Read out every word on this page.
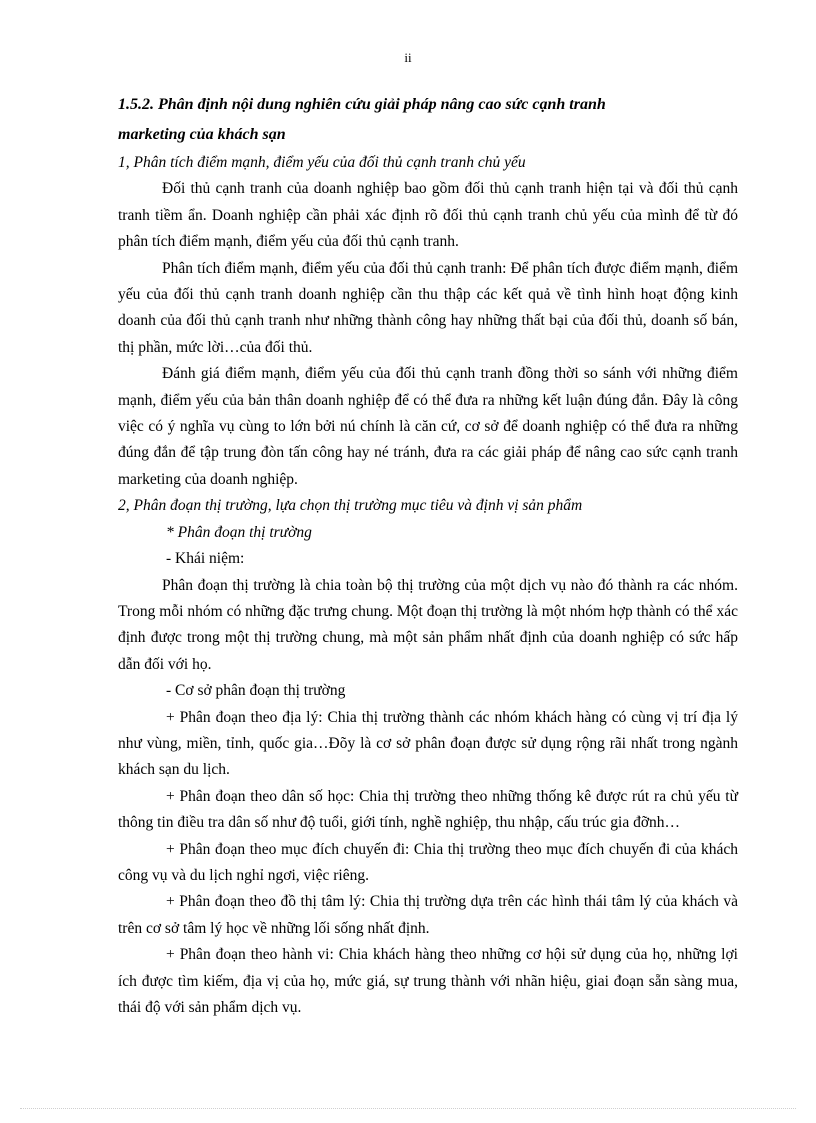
ii

1.5.2. Phân định nội dung nghiên cứu giải pháp nâng cao sức cạnh tranh

marketing của khách sạn

1, Phân tích điểm mạnh, điểm yếu của đối thủ cạnh tranh chủ yếu

Đối thủ cạnh tranh của doanh nghiệp bao gồm đối thủ cạnh tranh hiện tại và đối thủ cạnh tranh tiềm ẩn. Doanh nghiệp cần phải xác định rõ đối thủ cạnh tranh chủ yếu của mình để từ đó phân tích điểm mạnh, điểm yếu của đối thủ cạnh tranh.

Phân tích điểm mạnh, điểm yếu của đối thủ cạnh tranh: Để phân tích được điểm mạnh, điểm yếu của đối thủ cạnh tranh doanh nghiệp cần thu thập các kết quả về tình hình hoạt động kinh doanh của đối thủ cạnh tranh như những thành công hay những thất bại của đối thủ, doanh số bán, thị phần, mức lời…của đối thủ.

Đánh giá điểm mạnh, điểm yếu của đối thủ cạnh tranh đồng thời so sánh với những điểm mạnh, điểm yếu của bản thân doanh nghiệp để có thể đưa ra những kết luận đúng đắn. Đây là công việc có ý nghĩa vụ cùng to lớn bởi nú chính là căn cứ, cơ sở để doanh nghiệp có thể đưa ra những đúng đắn để tập trung đòn tấn công hay né tránh, đưa ra các giải pháp để nâng cao sức cạnh tranh marketing của doanh nghiệp.

2, Phân đoạn thị trường, lựa chọn thị trường mục tiêu và định vị sản phẩm

* Phân đoạn thị trường

- Khái niệm:

Phân đoạn thị trường là chia toàn bộ thị trường của một dịch vụ nào đó thành ra các nhóm. Trong mỗi nhóm có những đặc trưng chung. Một đoạn thị trường là một nhóm hợp thành có thể xác định được trong một thị trường chung, mà một sản phẩm nhất định của doanh nghiệp có sức hấp dẫn đối với họ.

- Cơ sở phân đoạn thị trường

+ Phân đoạn theo địa lý: Chia thị trường thành các nhóm khách hàng có cùng vị trí địa lý như vùng, miền, tỉnh, quốc gia…Đõy là cơ sở phân đoạn được sử dụng rộng rãi nhất trong ngành khách sạn du lịch.

+ Phân đoạn theo dân số học: Chia thị trường theo những thống kê được rút ra chủ yếu từ thông tin điều tra dân số như độ tuổi, giới tính, nghề nghiệp, thu nhập, cấu trúc gia đỡnh…

+ Phân đoạn theo mục đích chuyến đi: Chia thị trường theo mục đích chuyến đi của khách công vụ và du lịch nghỉ ngơi, việc riêng.

+ Phân đoạn theo đồ thị tâm lý: Chia thị trường dựa trên các hình thái tâm lý của khách và trên cơ sở tâm lý học về những lối sống nhất định.

+ Phân đoạn theo hành vi: Chia khách hàng theo những cơ hội sử dụng của họ, những lợi ích được tìm kiếm, địa vị của họ, mức giá, sự trung thành với nhãn hiệu, giai đoạn sẵn sàng mua, thái độ với sản phẩm dịch vụ.
